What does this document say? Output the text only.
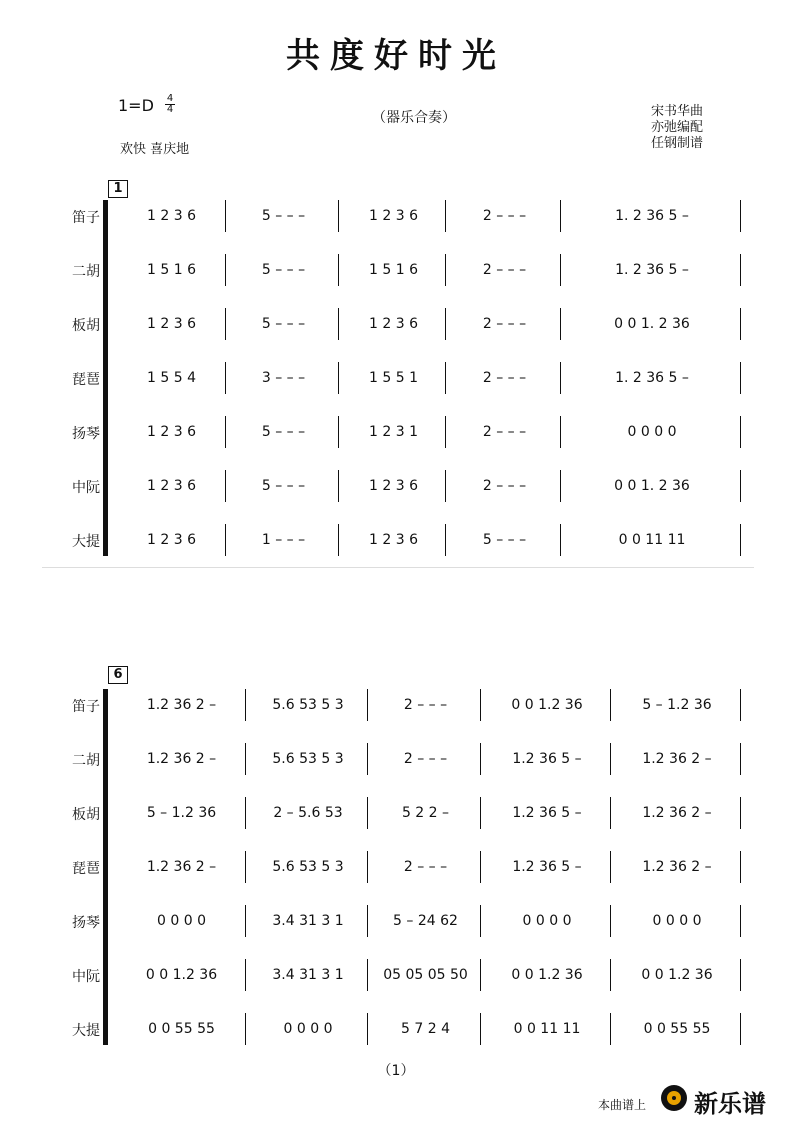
共度好时光
1=D 4
4
欢快 喜庆地
（器乐合奏）	宋书华曲
亦弛编配
任钢制谱
1
笛子	1 2 3 6	5 – – –	1 2 3 6	2 – – –	1. 2 36 5 –
二胡	1 5 1 6	5 – – –	1 5 1 6	2 – – –	1. 2 36 5 –
板胡	1 2 3 6	5 – – –	1 2 3 6	2 – – –	0 0 1. 2 36
琵琶	1 5 5 4	3 – – –	1 5 5 1	2 – – –	1. 2 36 5 –
扬琴	1 2 3 6	5 – – –	1 2 3 1	2 – – –	0 0 0 0
中阮	1 2 3 6	5 – – –	1 2 3 6	2 – – –	0 0 1. 2 36
大提	1 2 3 6	1 – – –	1 2 3 6	5 – – –	0 0 11 11
6
笛子	1.2 36 2 –	5.6 53 5 3	2 – – –	0 0 1.2 36	5 – 1.2 36
二胡	1.2 36 2 –	5.6 53 5 3	2 – – –	1.2 36 5 –	1.2 36 2 –
板胡	5 – 1.2 36	2 – 5.6 53	5 2 2 –	1.2 36 5 –	1.2 36 2 –
琵琶	1.2 36 2 –	5.6 53 5 3	2 – – –	1.2 36 5 –	1.2 36 2 –
扬琴	0 0 0 0	3.4 31 3 1	5 – 24 62	0 0 0 0	0 0 0 0
中阮	0 0 1.2 36	3.4 31 3 1	05 05 05 50	0 0 1.2 36	0 0 1.2 36
大提	0 0 55 55	0 0 0 0	5 7 2 4	0 0 11 11	0 0 55 55
（1）
本曲谱上 新乐谱
